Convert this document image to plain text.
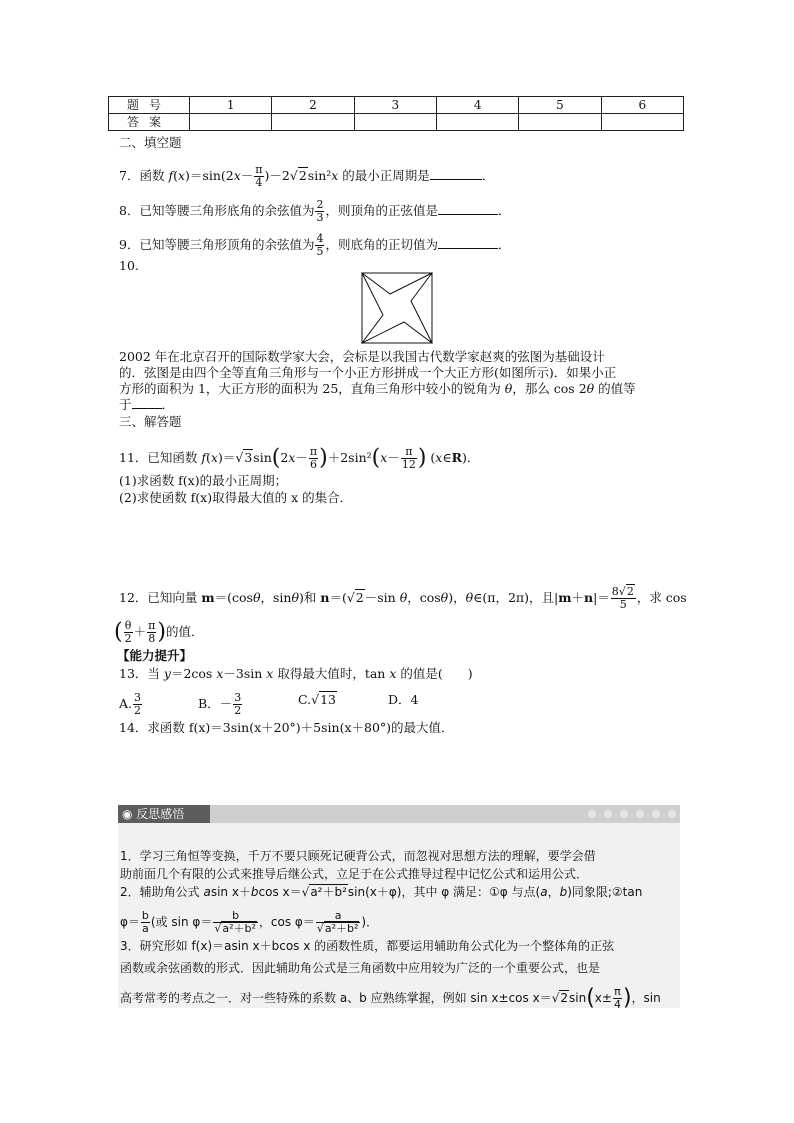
题号	1	2	3	4	5	6
答案						
二、填空题
7．函数 $f(x)=\sin(2x- \frac{\pi}{4} )-2√2\sin^2x$ 的最小正周期是	．
8．已知等腰三角形底角的余弦值为 $\frac{2}{3}$ ，则顶角的正弦值是	．
9．已知等腰三角形顶角的余弦值为 $\frac{4}{5}$ ，则底角的正切值为	．
10.
2002 年在北京召开的国际数学家大会，会标是以我国古代数学家赵爽的弦图为基础设计
的．弦图是由四个全等直角三角形与一个小正方形拼成一个大正方形(如图所示)．如果小正
方形的面积为 1，大正方形的面积为 25，直角三角形中较小的锐角为 θ，那么 cos 2θ 的值等
于 ．
三、解答题
11．已知函数 $f(x)=√3\sin(2x- \frac{\pi}{6} )+2\sin^2(x- \frac{\pi}{12}$ ) (x∈R)．
(1)求函数 f(x)的最小正周期；
(2)求使函数 f(x)取得最大值的 x 的集合．
12．已知向量 m＝(cosθ，sinθ)和 n＝(√2－sin θ，cosθ)，θ∈(π，2π)，且$|m+n|= \frac{8√2}{5}$ ，求 cos
( $\frac{\theta}{2} + \frac{\pi}{8}$ )的值．
【能力提升】
13．当 y＝2cos x－3sin x 取得最大值时，tan x 的值是(　　)
A. $\frac{3}{2}$	B．－ $\frac{3}{2}$	C.√13	D．4
14．求函数 f(x)＝3sin(x＋20°)＋5sin(x＋80°)的最大值．
◉ 反思感悟
1．学习三角恒等变换，千万不要只顾死记硬背公式，而忽视对思想方法的理解，要学会借
助前面几个有限的公式来推导后继公式，立足于在公式推导过程中记忆公式和运用公式．
2．辅助角公式 asin x＋bcos x＝√a²＋b²sin(x＋φ)，其中 φ 满足：①φ 与点(a，b)同象限;②tan
$\varphi= \frac{b}{a}$ (或 $\sin \varphi= \frac{b}{\text{√a²＋b²}}$ ，$\cos \varphi= \frac{a}{\text{√a²＋b²}}$ )．
3．研究形如 f(x)＝asin x＋bcos x 的函数性质，都要运用辅助角公式化为一个整体角的正弦
函数或余弦函数的形式．因此辅助角公式是三角函数中应用较为广泛的一个重要公式，也是
高考常考的考点之一．对一些特殊的系数 a、b 应熟练掌握，例如 sin x±cos $x=√2\sin(x\pm \frac{\pi}{4}$ )，sin
